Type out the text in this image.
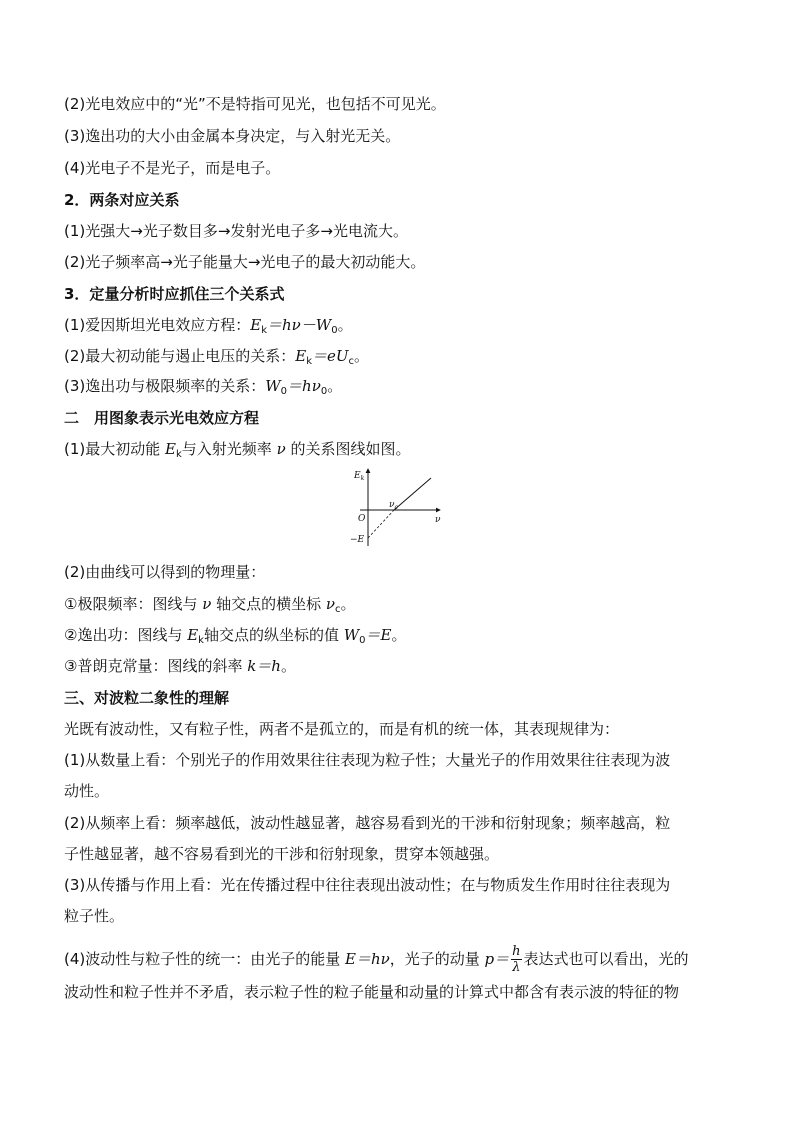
(2)光电效应中的“光”不是特指可见光，也包括不可见光。
(3)逸出功的大小由金属本身决定，与入射光无关。
(4)光电子不是光子，而是电子。
2．两条对应关系
(1)光强大→光子数目多→发射光电子多→光电流大。
(2)光子频率高→光子能量大→光电子的最大初动能大。
3．定量分析时应抓住三个关系式
(1)爱因斯坦光电效应方程：$E_k=h\nu-W_0$。
(2)最大初动能与遏止电压的关系：$E_k=eU_c$。
(3)逸出功与极限频率的关系：$W_0=h\nu_0$。
二　用图象表示光电效应方程
(1)最大初动能 $E_k$与入射光频率 ν 的关系图线如图。
$E_k$
ν
O
$\nu_c$
−E
(2)由曲线可以得到的物理量：
①极限频率：图线与 ν 轴交点的横坐标 $\nu_c$。
②逸出功：图线与 $E_k$轴交点的纵坐标的值 $W_0=E$。
③普朗克常量：图线的斜率 k＝h。
三、对波粒二象性的理解
光既有波动性，又有粒子性，两者不是孤立的，而是有机的统一体，其表现规律为：
(1)从数量上看：个别光子的作用效果往往表现为粒子性；大量光子的作用效果往往表现为波
动性。
(2)从频率上看：频率越低，波动性越显著，越容易看到光的干涉和衍射现象；频率越高，粒
子性越显著，越不容易看到光的干涉和衍射现象，贯穿本领越强。
(3)从传播与作用上看：光在传播过程中往往表现出波动性；在与物质发生作用时往往表现为
粒子性。
(4)波动性与粒子性的统一：由光子的能量 E＝hν，光子的动量 $p= \frac{h}{\lambda}$ 表达式也可以看出，光的
波动性和粒子性并不矛盾，表示粒子性的粒子能量和动量的计算式中都含有表示波的特征的物
